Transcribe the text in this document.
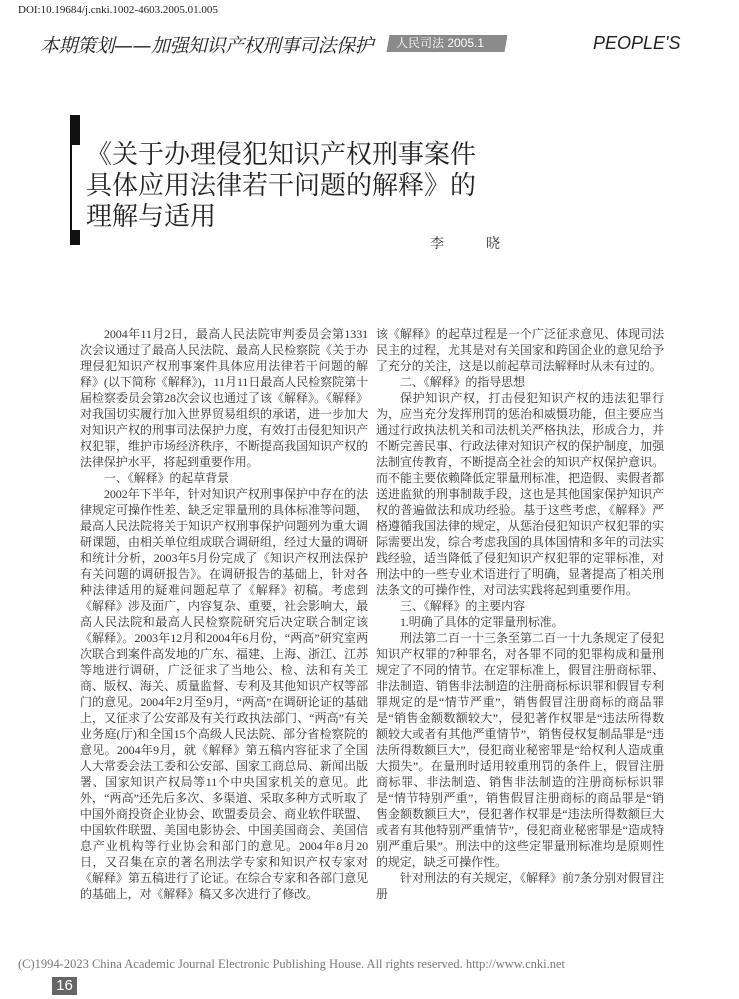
DOI:10.19684/j.cnki.1002-4603.2005.01.005
本期策划——加强知识产权刑事司法保护	人民司法 2005.1	PEOPLE'S
《关于办理侵犯知识产权刑事案件具体应用法律若干问题的解释》的理解与适用
李　晓

2004年11月2日，最高人民法院审判委员会第1331次会议通过了最高人民法院、最高人民检察院《关于办理侵犯知识产权刑事案件具体应用法律若干问题的解释》(以下简称《解释》)，11月11日最高人民检察院第十届检察委员会第28次会议也通过了该《解释》。《解释》对我国切实履行加入世界贸易组织的承诺，进一步加大对知识产权的刑事司法保护力度，有效打击侵犯知识产权犯罪，维护市场经济秩序，不断提高我国知识产权的法律保护水平，将起到重要作用。

一、《解释》的起草背景

2002年下半年，针对知识产权刑事保护中存在的法律规定可操作性差、缺乏定罪量刑的具体标准等问题，最高人民法院将关于知识产权刑事保护问题列为重大调研课题，由相关单位组成联合调研组，经过大量的调研和统计分析，2003年5月份完成了《知识产权刑法保护有关问题的调研报告》。在调研报告的基础上，针对各种法律适用的疑难问题起草了《解释》初稿。考虑到《解释》涉及面广，内容复杂、重要，社会影响大，最高人民法院和最高人民检察院研究后决定联合制定该《解释》。2003年12月和2004年6月份，“两高”研究室两次联合到案件高发地的广东、福建、上海、浙江、江苏等地进行调研，广泛征求了当地公、检、法和有关工商、版权、海关、质量监督、专利及其他知识产权等部门的意见。2004年2月至9月，“两高”在调研论证的基础上，又征求了公安部及有关行政执法部门、“两高”有关业务庭(厅)和全国15个高级人民法院、部分省检察院的意见。2004年9月，就《解释》第五稿内容征求了全国人大常委会法工委和公安部、国家工商总局、新闻出版署、国家知识产权局等11个中央国家机关的意见。此外，“两高”还先后多次、多渠道、采取多种方式听取了中国外商投资企业协会、欧盟委员会、商业软件联盟、中国软件联盟、美国电影协会、中国美国商会、美国信息产业机构等行业协会和部门的意见。2004年8月20日，又召集在京的著名刑法学专家和知识产权专家对《解释》第五稿进行了论证。在综合专家和各部门意见的基础上，对《解释》稿又多次进行了修改。

该《解释》的起草过程是一个广泛征求意见、体现司法民主的过程，尤其是对有关国家和跨国企业的意见给予了充分的关注，这是以前起草司法解释时从未有过的。

二、《解释》的指导思想

保护知识产权，打击侵犯知识产权的违法犯罪行为，应当充分发挥刑罚的惩治和威慑功能，但主要应当通过行政执法机关和司法机关严格执法，形成合力，并不断完善民事、行政法律对知识产权的保护制度，加强法制宣传教育，不断提高全社会的知识产权保护意识。而不能主要依赖降低定罪量刑标准，把造假、卖假者都送进监狱的刑事制裁手段，这也是其他国家保护知识产权的普遍做法和成功经验。基于这些考虑，《解释》严格遵循我国法律的规定，从惩治侵犯知识产权犯罪的实际需要出发，综合考虑我国的具体国情和多年的司法实践经验，适当降低了侵犯知识产权犯罪的定罪标准，对刑法中的一些专业术语进行了明确，显著提高了相关刑法条文的可操作性，对司法实践将起到重要作用。

三、《解释》的主要内容

1.明确了具体的定罪量刑标准。

刑法第二百一十三条至第二百一十九条规定了侵犯知识产权罪的7种罪名，对各罪不同的犯罪构成和量刑规定了不同的情节。在定罪标准上，假冒注册商标罪、非法制造、销售非法制造的注册商标标识罪和假冒专利罪规定的是“情节严重”，销售假冒注册商标的商品罪是“销售金额数额较大”，侵犯著作权罪是“违法所得数额较大或者有其他严重情节”，销售侵权复制品罪是“违法所得数额巨大”，侵犯商业秘密罪是“给权利人造成重大损失”。在量刑时适用较重刑罚的条件上，假冒注册商标罪、非法制造、销售非法制造的注册商标标识罪是“情节特别严重”，销售假冒注册商标的商品罪是“销售金额数额巨大”，侵犯著作权罪是“违法所得数额巨大或者有其他特别严重情节”，侵犯商业秘密罪是“造成特别严重后果”。刑法中的这些定罪量刑标准均是原则性的规定，缺乏可操作性。

针对刑法的有关规定，《解释》前7条分别对假冒注册

(C)1994-2023 China Academic Journal Electronic Publishing House. All rights reserved. http://www.cnki.net
16
